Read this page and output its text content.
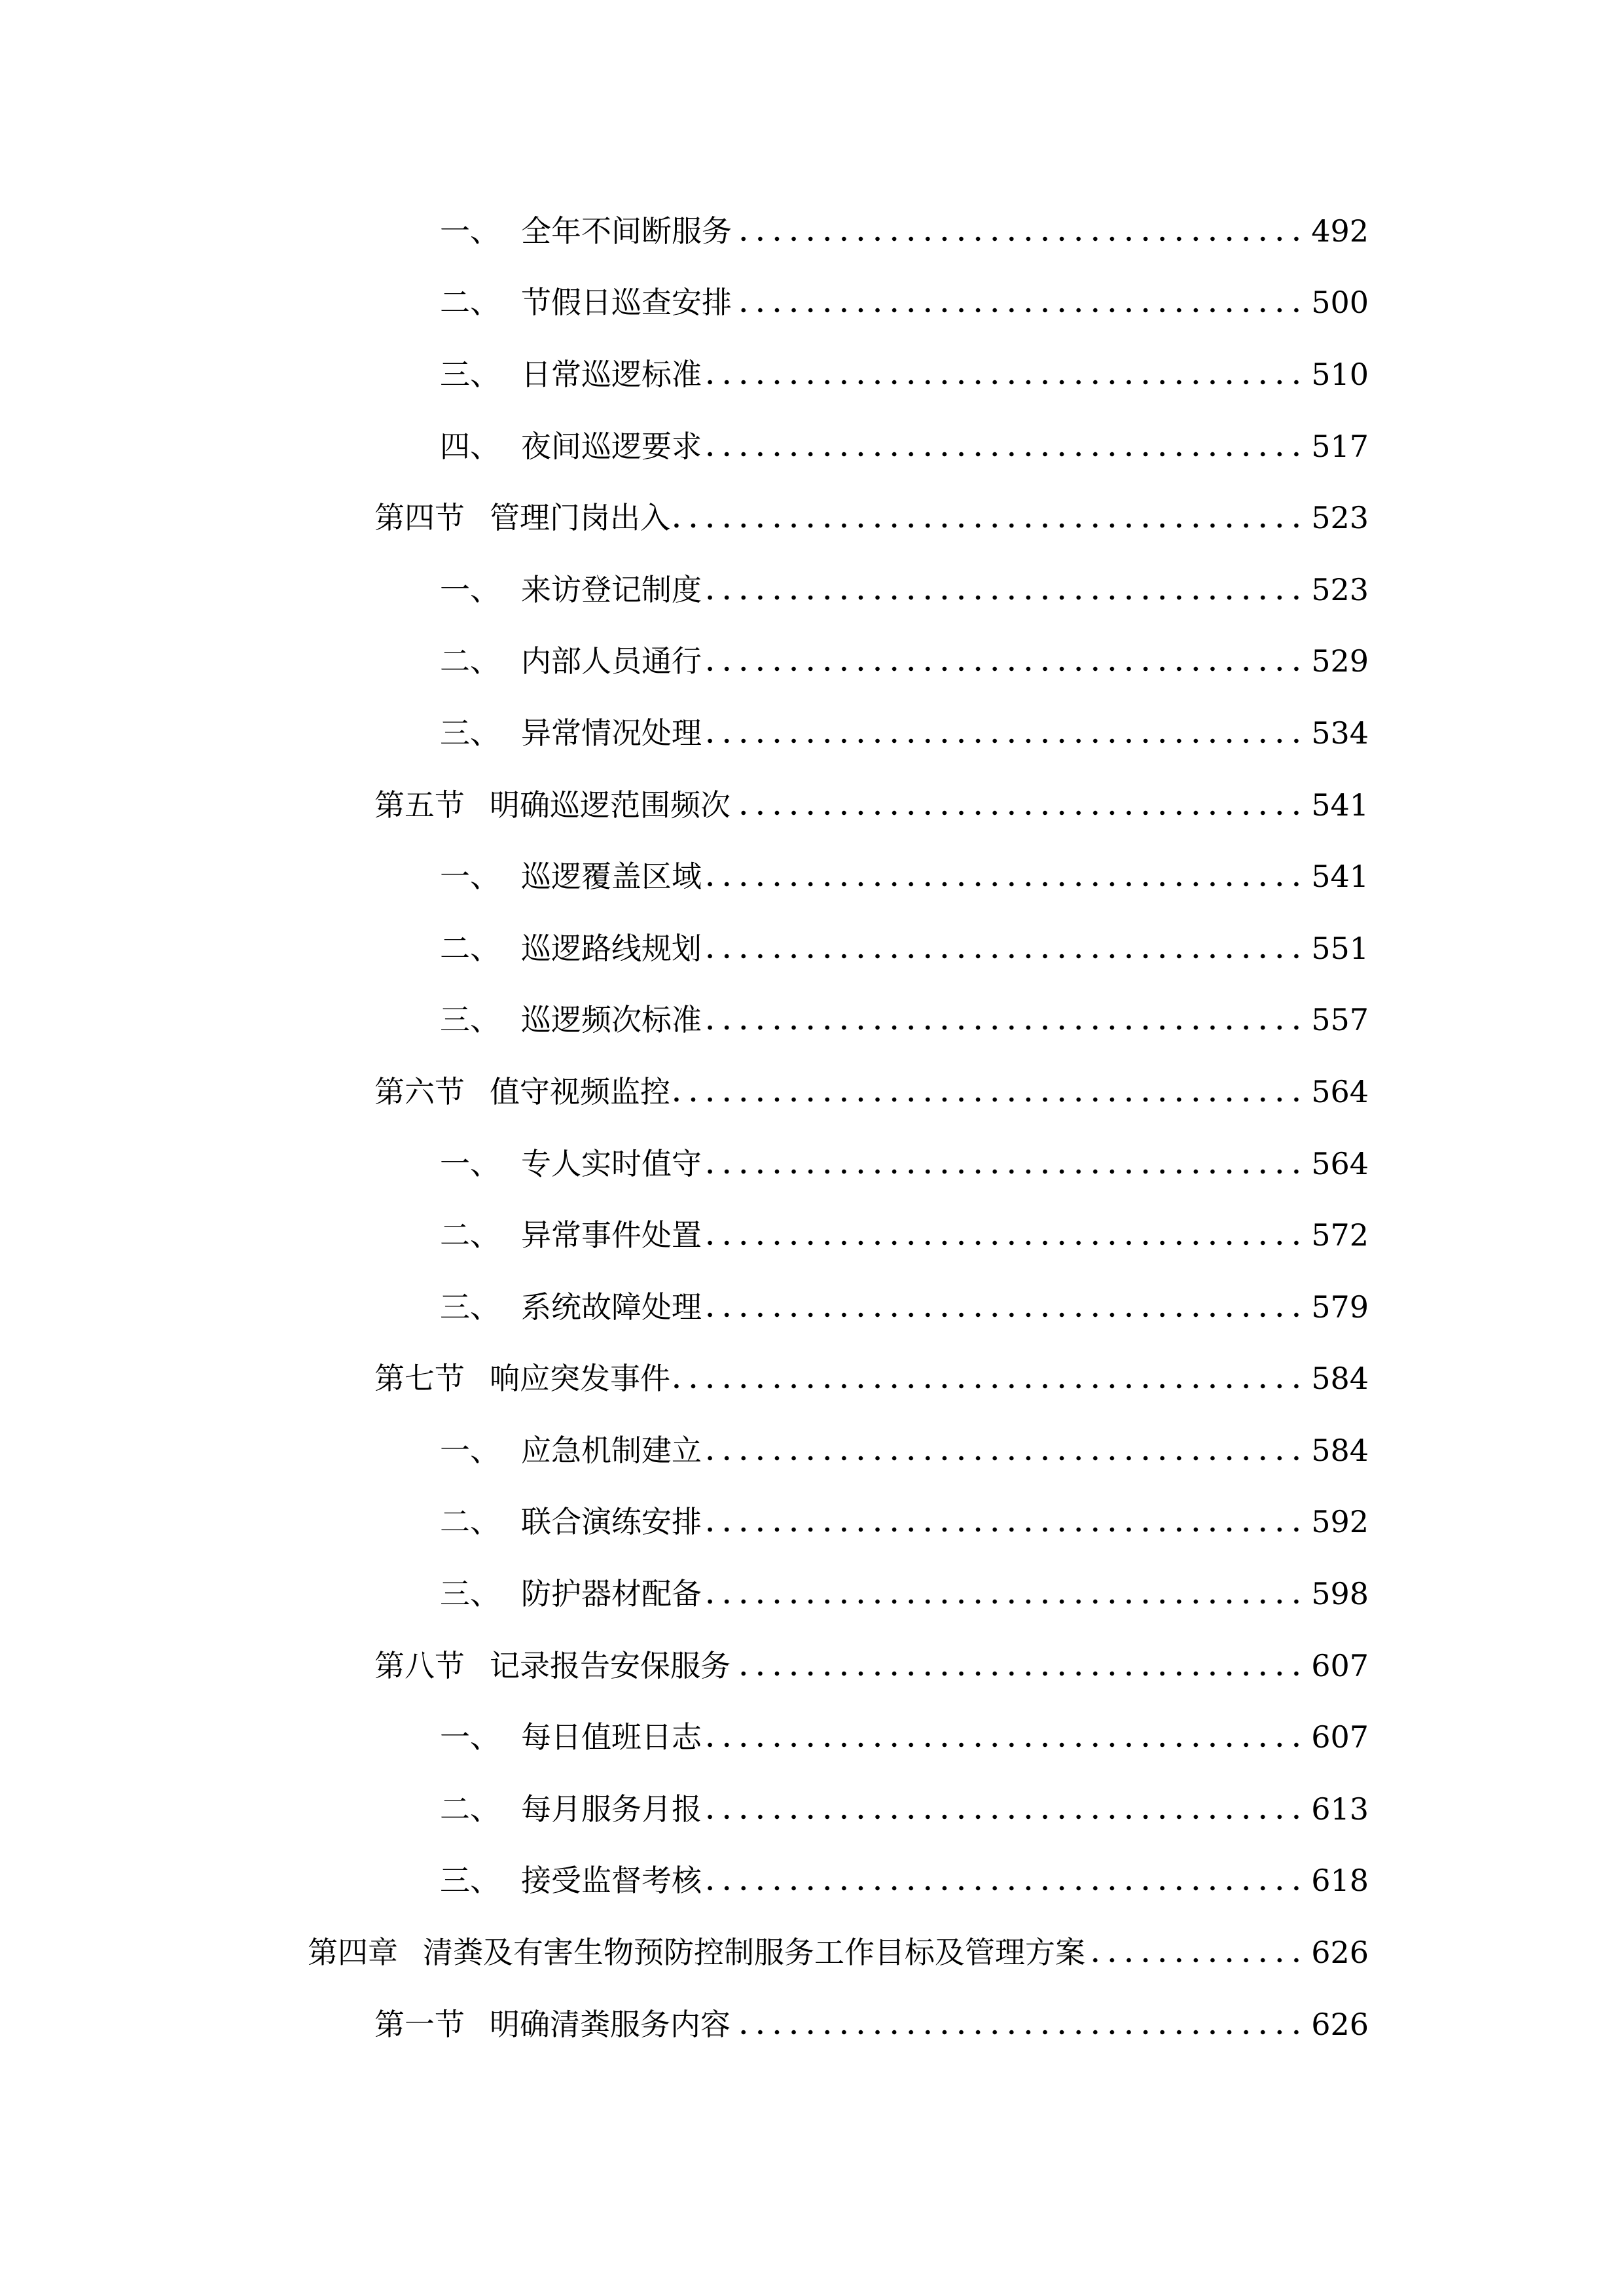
一、 全年不间断服务	492
二、 节假日巡查安排	500
三、 日常巡逻标准	510
四、 夜间巡逻要求	517
第四节 管理门岗出入	523
一、 来访登记制度	523
二、 内部人员通行	529
三、 异常情况处理	534
第五节 明确巡逻范围频次	541
一、 巡逻覆盖区域	541
二、 巡逻路线规划	551
三、 巡逻频次标准	557
第六节 值守视频监控	564
一、 专人实时值守	564
二、 异常事件处置	572
三、 系统故障处理	579
第七节 响应突发事件	584
一、 应急机制建立	584
二、 联合演练安排	592
三、 防护器材配备	598
第八节 记录报告安保服务	607
一、 每日值班日志	607
二、 每月服务月报	613
三、 接受监督考核	618
第四章 清粪及有害生物预防控制服务工作目标及管理方案	626
第一节 明确清粪服务内容	626
